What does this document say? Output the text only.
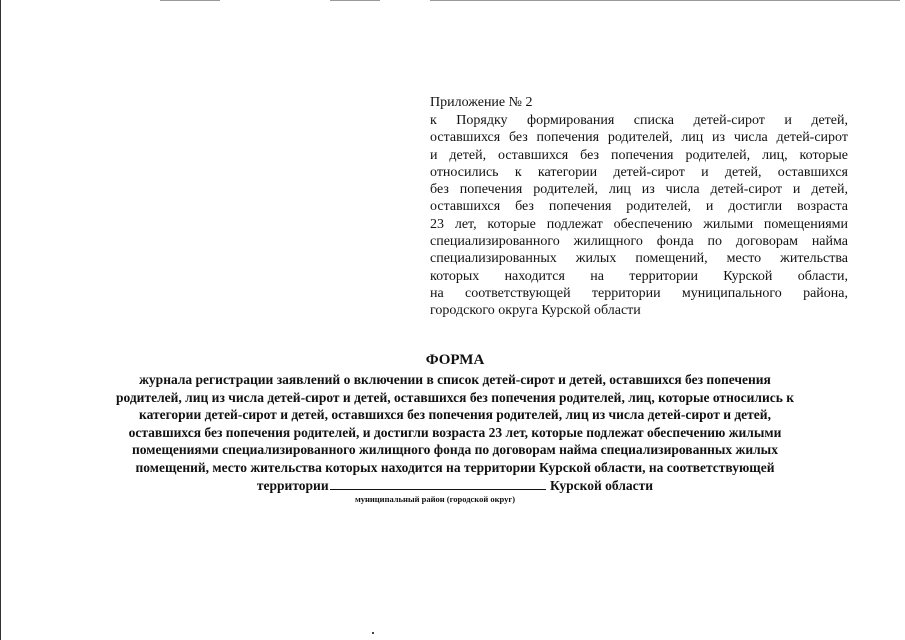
Приложение № 2
к Порядку формирования списка детей-сирот и детей,
оставшихся без попечения родителей, лиц из числа детей-сирот
и детей, оставшихся без попечения родителей, лиц, которые
относились к категории детей-сирот и детей, оставшихся
без попечения родителей, лиц из числа детей-сирот и детей,
оставшихся без попечения родителей, и достигли возраста
23 лет, которые подлежат обеспечению жилыми помещениями
специализированного жилищного фонда по договорам найма
специализированных жилых помещений, место жительства
которых находится на территории Курской области,
на соответствующей территории муниципального района,
городского округа Курской области
ФОРМА
журнала регистрации заявлений о включении в список детей-сирот и детей, оставшихся без попечения
родителей, лиц из числа детей-сирот и детей, оставшихся без попечения родителей, лиц, которые относились к
категории детей-сирот и детей, оставшихся без попечения родителей, лиц из числа детей-сирот и детей,
оставшихся без попечения родителей, и достигли возраста 23 лет, которые подлежат обеспечению жилыми
помещениями специализированного жилищного фонда по договорам найма специализированных жилых
помещений, место жительства которых находится на территории Курской области, на соответствующей
территории	Курской области
муниципальный район (городской округ)
